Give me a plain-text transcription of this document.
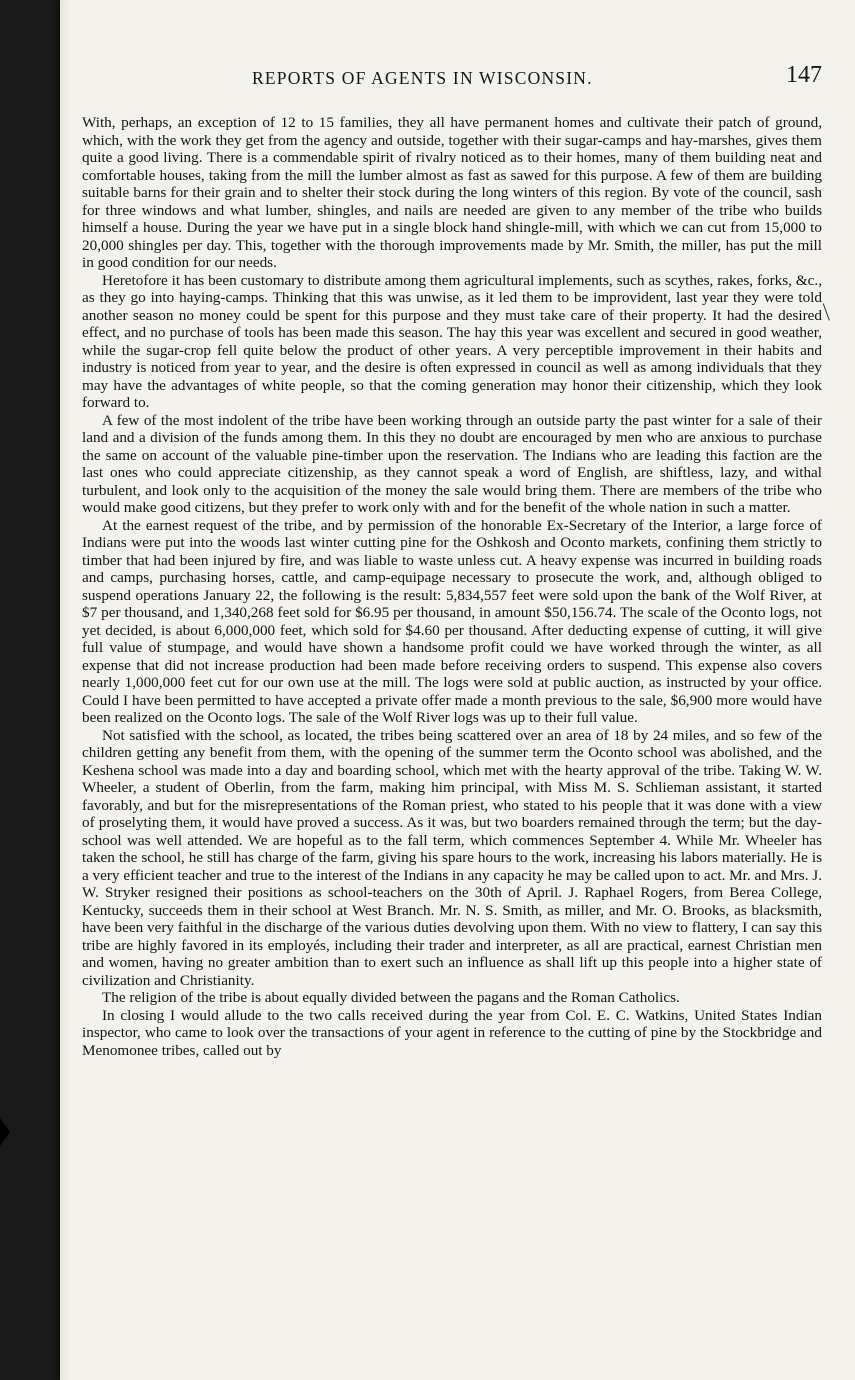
REPORTS OF AGENTS IN WISCONSIN.	147

With, perhaps, an exception of 12 to 15 families, they all have permanent homes and cultivate their patch of ground, which, with the work they get from the agency and outside, together with their sugar-camps and hay-marshes, gives them quite a good living. There is a commendable spirit of rivalry noticed as to their homes, many of them building neat and comfortable houses, taking from the mill the lumber almost as fast as sawed for this purpose. A few of them are building suitable barns for their grain and to shelter their stock during the long winters of this region. By vote of the council, sash for three windows and what lumber, shingles, and nails are needed are given to any member of the tribe who builds himself a house. During the year we have put in a single block hand shingle-mill, with which we can cut from 15,000 to 20,000 shingles per day. This, together with the thorough improvements made by Mr. Smith, the miller, has put the mill in good condition for our needs.

Heretofore it has been customary to distribute among them agricultural implements, such as scythes, rakes, forks, &c., as they go into haying-camps. Thinking that this was unwise, as it led them to be improvident, last year they were told another season no money could be spent for this purpose and they must take care of their property. It had the desired effect, and no purchase of tools has been made this season. The hay this year was excellent and secured in good weather, while the sugar-crop fell quite below the product of other years. A very perceptible improvement in their habits and industry is noticed from year to year, and the desire is often expressed in council as well as among individuals that they may have the advantages of white people, so that the coming generation may honor their citizenship, which they look forward to.

A few of the most indolent of the tribe have been working through an outside party the past winter for a sale of their land and a division of the funds among them. In this they no doubt are encouraged by men who are anxious to purchase the same on account of the valuable pine-timber upon the reservation. The Indians who are leading this faction are the last ones who could appreciate citizenship, as they cannot speak a word of English, are shiftless, lazy, and withal turbulent, and look only to the acquisition of the money the sale would bring them. There are members of the tribe who would make good citizens, but they prefer to work only with and for the benefit of the whole nation in such a matter.

At the earnest request of the tribe, and by permission of the honorable Ex-Secretary of the Interior, a large force of Indians were put into the woods last winter cutting pine for the Oshkosh and Oconto markets, confining them strictly to timber that had been injured by fire, and was liable to waste unless cut. A heavy expense was incurred in building roads and camps, purchasing horses, cattle, and camp-equipage necessary to prosecute the work, and, although obliged to suspend operations January 22, the following is the result: 5,834,557 feet were sold upon the bank of the Wolf River, at $7 per thousand, and 1,340,268 feet sold for $6.95 per thousand, in amount $50,156.74. The scale of the Oconto logs, not yet decided, is about 6,000,000 feet, which sold for $4.60 per thousand. After deducting expense of cutting, it will give full value of stumpage, and would have shown a handsome profit could we have worked through the winter, as all expense that did not increase production had been made before receiving orders to suspend. This expense also covers nearly 1,000,000 feet cut for our own use at the mill. The logs were sold at public auction, as instructed by your office. Could I have been permitted to have accepted a private offer made a month previous to the sale, $6,900 more would have been realized on the Oconto logs. The sale of the Wolf River logs was up to their full value.

Not satisfied with the school, as located, the tribes being scattered over an area of 18 by 24 miles, and so few of the children getting any benefit from them, with the opening of the summer term the Oconto school was abolished, and the Keshena school was made into a day and boarding school, which met with the hearty approval of the tribe. Taking W. W. Wheeler, a student of Oberlin, from the farm, making him principal, with Miss M. S. Schlieman assistant, it started favorably, and but for the misrepresentations of the Roman priest, who stated to his people that it was done with a view of proselyting them, it would have proved a success. As it was, but two boarders remained through the term; but the day-school was well attended. We are hopeful as to the fall term, which commences September 4. While Mr. Wheeler has taken the school, he still has charge of the farm, giving his spare hours to the work, increasing his labors materially. He is a very efficient teacher and true to the interest of the Indians in any capacity he may be called upon to act. Mr. and Mrs. J. W. Stryker resigned their positions as school-teachers on the 30th of April. J. Raphael Rogers, from Berea College, Kentucky, succeeds them in their school at West Branch. Mr. N. S. Smith, as miller, and Mr. O. Brooks, as blacksmith, have been very faithful in the discharge of the various duties devolving upon them. With no view to flattery, I can say this tribe are highly favored in its employés, including their trader and interpreter, as all are practical, earnest Christian men and women, having no greater ambition than to exert such an influence as shall lift up this people into a higher state of civilization and Christianity.

The religion of the tribe is about equally divided between the pagans and the Roman Catholics.

In closing I would allude to the two calls received during the year from Col. E. C. Watkins, United States Indian inspector, who came to look over the transactions of your agent in reference to the cutting of pine by the Stockbridge and Menomonee tribes, called out by
